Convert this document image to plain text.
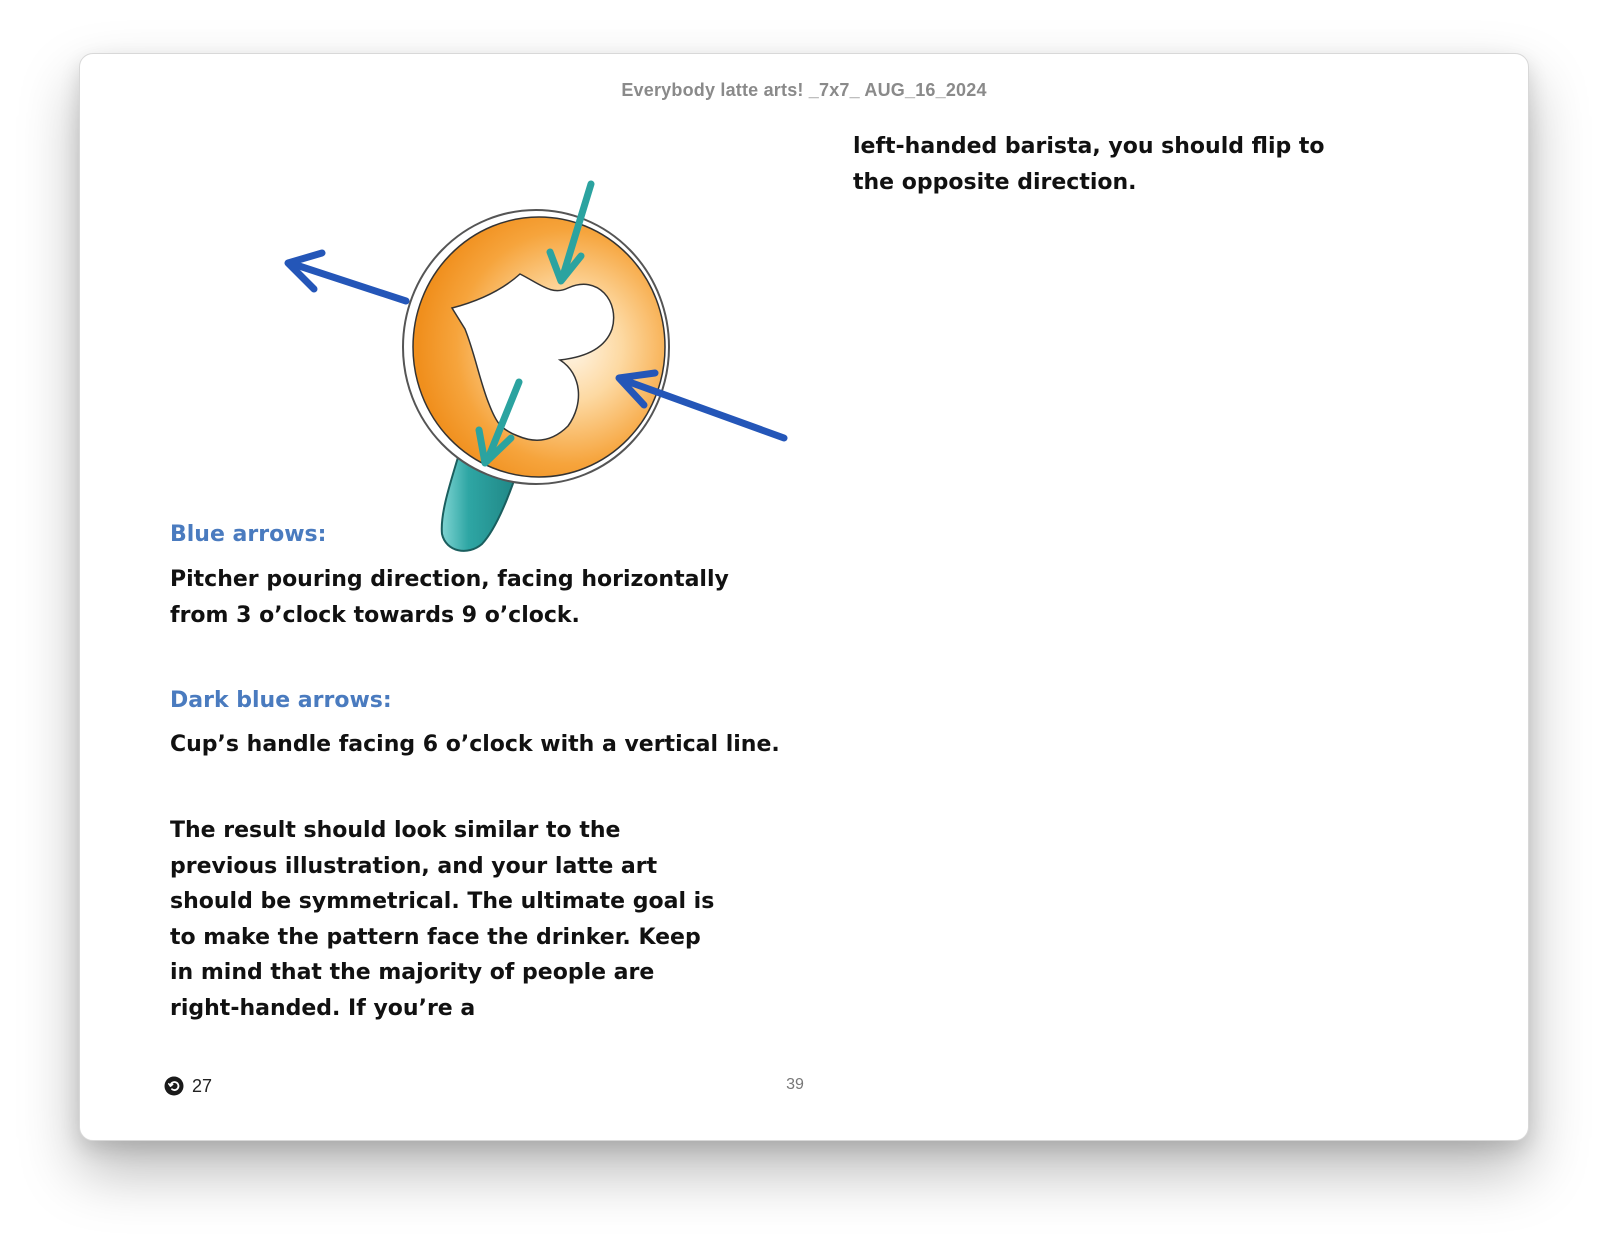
Everybody latte arts! _7x7_ AUG_16_2024
Blue arrows:
Pitcher pouring direction, facing horizontally from 3 o’clock towards 9 o’clock.
Dark blue arrows:
Cup’s handle facing 6 o’clock with a vertical line.
The result should look similar to the previous illustration, and your latte art should be symmetrical. The ultimate goal is to make the pattern face the drinker. Keep in mind that the majority of people are right-handed. If you’re a
left-handed barista, you should flip to the opposite direction.
27	39
